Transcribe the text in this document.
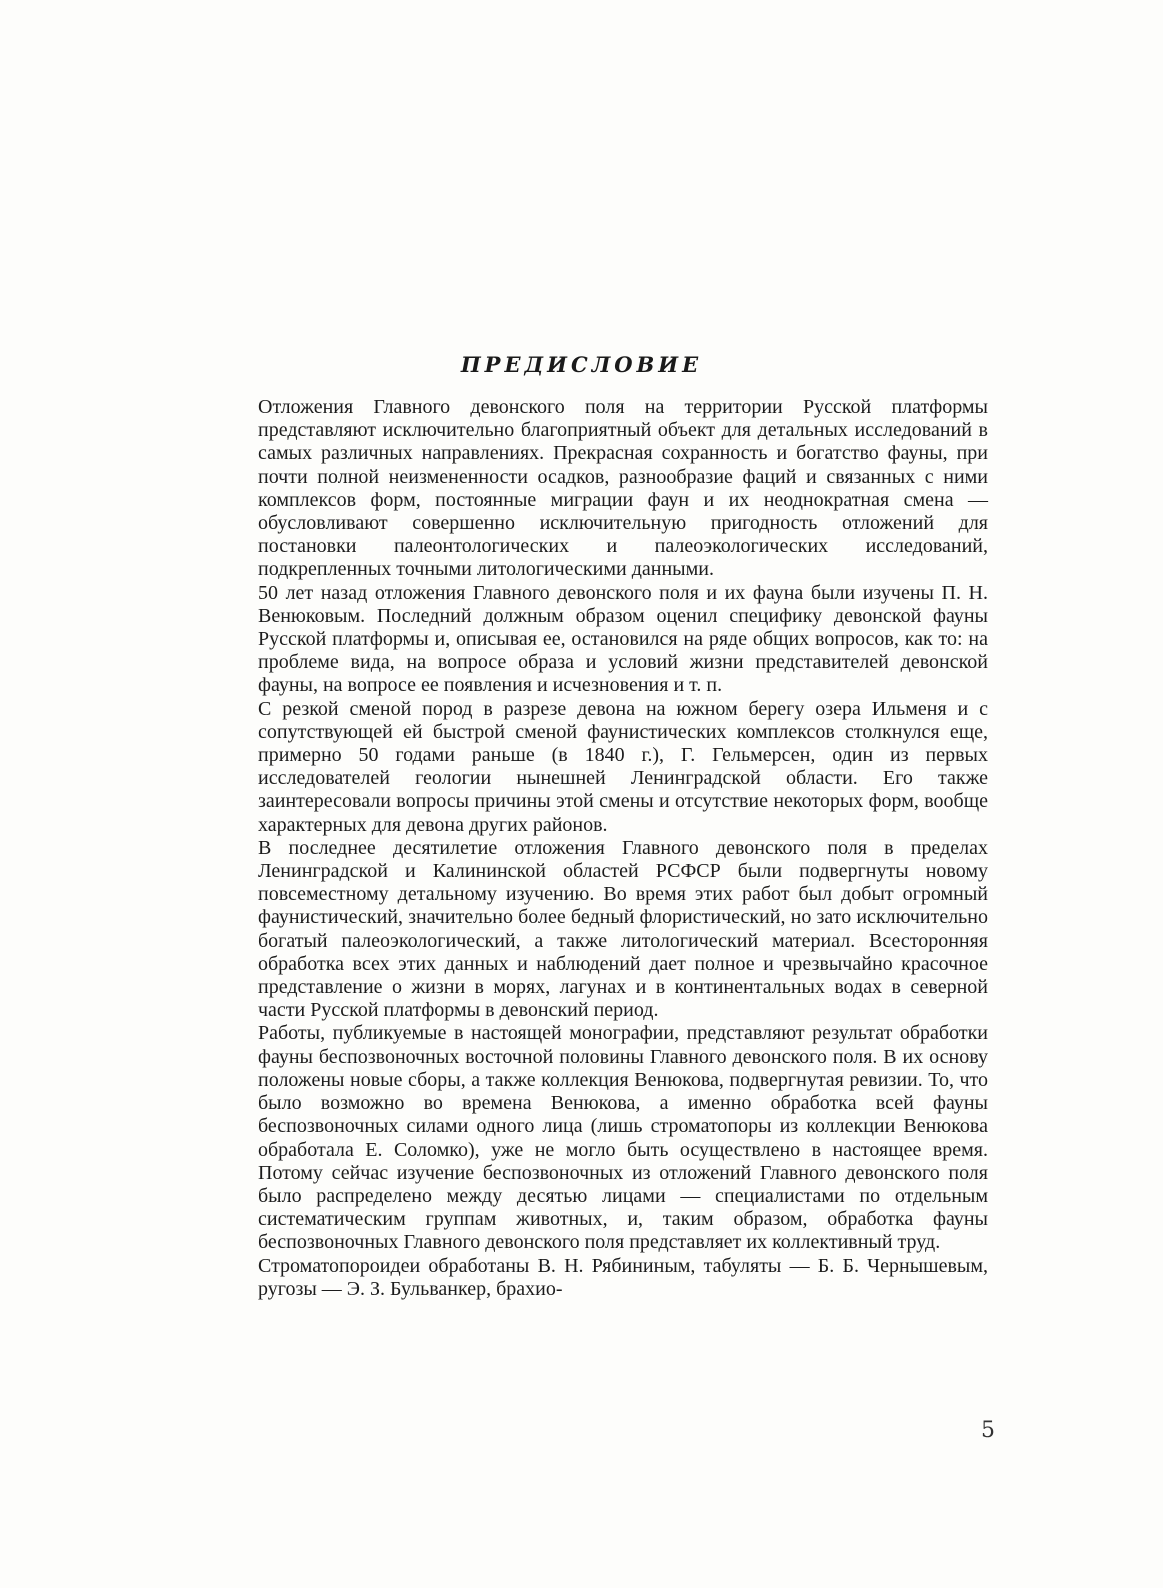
ПРЕДИСЛОВИЕ

Отложения Главного девонского поля на территории Русской платформы представляют исключительно благоприятный объект для детальных исследований в самых различных направлениях. Прекрасная сохранность и богатство фауны, при почти полной неизмененности осадков, разнообразие фаций и связанных с ними комплексов форм, постоянные миграции фаун и их неоднократная смена — обусловливают совершенно исключительную пригодность отложений для постановки палеонтологических и палеоэкологических исследований, подкрепленных точными литологическими данными.

50 лет назад отложения Главного девонского поля и их фауна были изучены П. Н. Венюковым. Последний должным образом оценил специфику девонской фауны Русской платформы и, описывая ее, остановился на ряде общих вопросов, как то: на проблеме вида, на вопросе образа и условий жизни представителей девонской фауны, на вопросе ее появления и исчезновения и т. п.

С резкой сменой пород в разрезе девона на южном берегу озера Ильменя и с сопутствующей ей быстрой сменой фаунистических комплексов столкнулся еще, примерно 50 годами раньше (в 1840 г.), Г. Гельмерсен, один из первых исследователей геологии нынешней Ленинградской области. Его также заинтересовали вопросы причины этой смены и отсутствие некоторых форм, вообще характерных для девона других районов.

В последнее десятилетие отложения Главного девонского поля в пределах Ленинградской и Калининской областей РСФСР были подвергнуты новому повсеместному детальному изучению. Во время этих работ был добыт огромный фаунистический, значительно более бедный флористический, но зато исключительно богатый палеоэкологический, а также литологический материал. Всесторонняя обработка всех этих данных и наблюдений дает полное и чрезвычайно красочное представление о жизни в морях, лагунах и в континентальных водах в северной части Русской платформы в девонский период.

Работы, публикуемые в настоящей монографии, представляют результат обработки фауны беспозвоночных восточной половины Главного девонского поля. В их основу положены новые сборы, а также коллекция Венюкова, подвергнутая ревизии. То, что было возможно во времена Венюкова, а именно обработка всей фауны беспозвоночных силами одного лица (лишь строматопоры из коллекции Венюкова обработала Е. Соломко), уже не могло быть осуществлено в настоящее время. Потому сейчас изучение беспозвоночных из отложений Главного девонского поля было распределено между десятью лицами — специалистами по отдельным систематическим группам животных, и, таким образом, обработка фауны беспозвоночных Главного девонского поля представляет их коллективный труд.

Строматопороидеи обработаны В. Н. Рябининым, табуляты — Б. Б. Чернышевым, ругозы — Э. З. Бульванкер, брахио-

5
